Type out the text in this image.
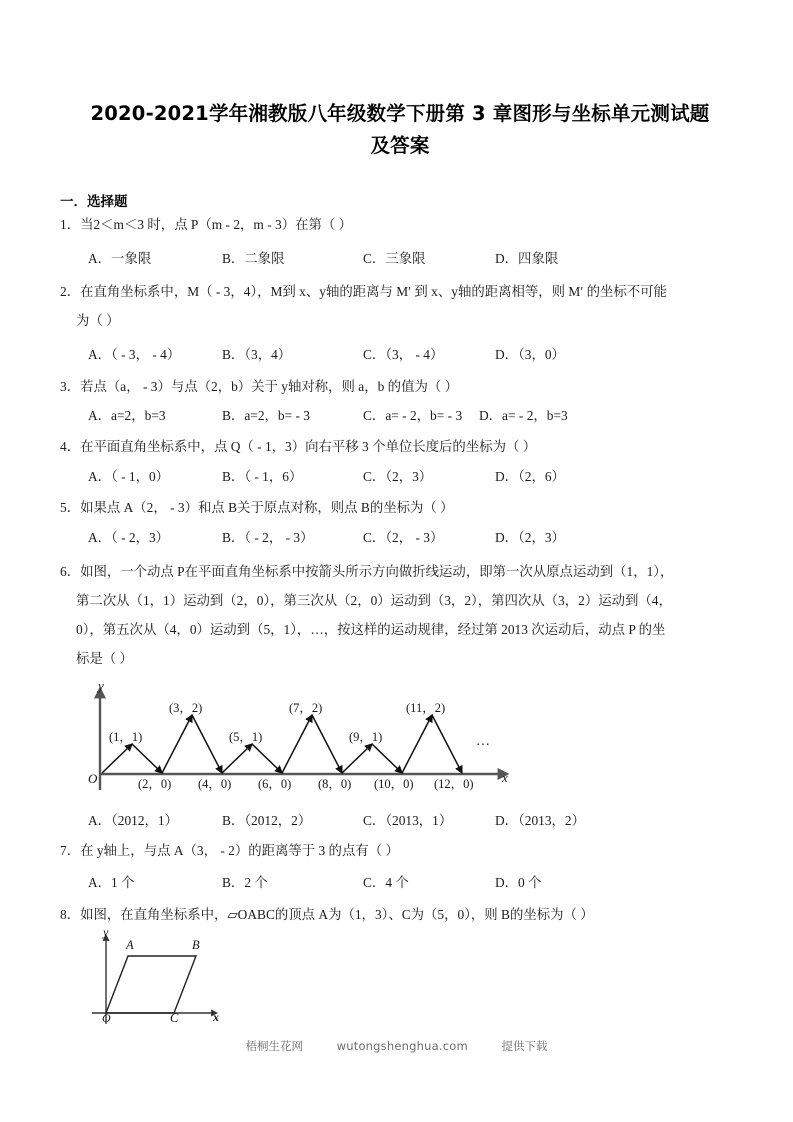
2020-2021学年湘教版八年级数学下册第 3 章图形与坐标单元测试题
及答案
一．选择题
1．当2＜m＜3 时，点 P（m - 2，m - 3）在第（ ）
A．一象限	B．二象限	C．三象限	D．四象限
2．在直角坐标系中，M（ - 3，4），M到 x、y轴的距离与 M′ 到 x、y轴的距离相等，则 M′ 的坐标不可能
为（ ）
A．（ - 3， - 4）	B．（3，4）	C．（3， - 4）	D．（3，0）
3．若点（a， - 3）与点（2，b）关于 y轴对称，则 a，b 的值为（ ）
A．a=2，b=3	B．a=2，b= - 3	C．a= - 2，b= - 3 D．a= - 2，b=3
4．在平面直角坐标系中，点 Q（ - 1，3）向右平移 3 个单位长度后的坐标为（ ）
A．（ - 1，0）	B．（ - 1，6）	C．（2，3）	D．（2，6）
5．如果点 A（2， - 3）和点 B关于原点对称，则点 B的坐标为（ ）
A．（ - 2，3）	B．（ - 2， - 3）	C．（2， - 3）	D．（2，3）
6．如图，一个动点 P在平面直角坐标系中按箭头所示方向做折线运动，即第一次从原点运动到（1，1），
第二次从（1，1）运动到（2，0），第三次从（2，0）运动到（3，2），第四次从（3，2）运动到（4，
0），第五次从（4，0）运动到（5，1），…，按这样的运动规律，经过第 2013 次运动后，动点 P 的坐
标是（ ）
y
x
O
…
(1，1)
(3，2)
(5，1)
(7，2)
(9，1)
(11，2)
(2，0) (4，0) (6，0) (8，0) (10，0) (12，0)
A．（2012，1）	B．（2012，2）	C．（2013，1）	D．（2013，2）
7．在 y轴上，与点 A（3， - 2）的距离等于 3 的点有（ ）
A．1 个	B．2 个	C．4 个	D．0 个
8．如图，在直角坐标系中，▱OABC的顶点 A为（1，3）、C为（5，0），则 B的坐标为（ ）
y
x
O
A	B
C
梧桐生花网	wutongshenghua.com	提供下载
